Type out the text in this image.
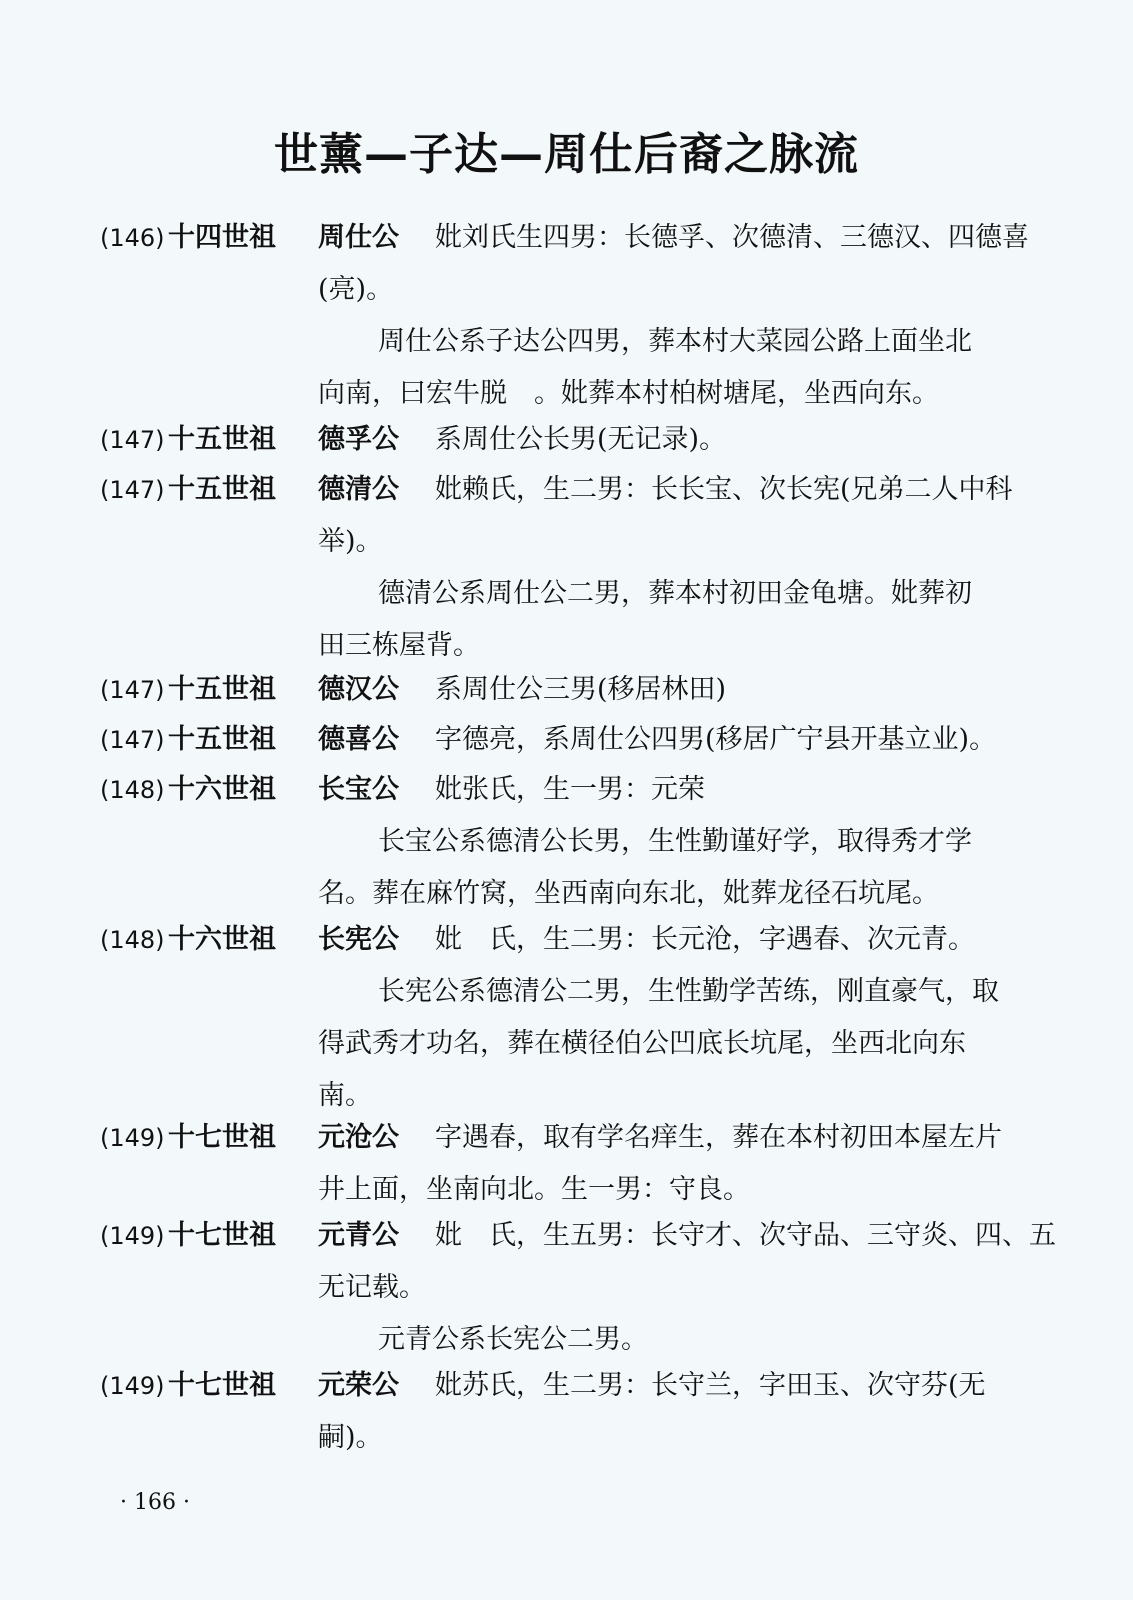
世薰—子达—周仕后裔之脉流
(146) 十四世祖 周仕公 妣刘氏生四男：长德孚、次德清、三德汉、四德喜
(亮)。
周仕公系子达公四男，葬本村大菜园公路上面坐北
向南，曰宏牛脱　。妣葬本村柏树塘尾，坐西向东。
(147) 十五世祖 德孚公 系周仕公长男(无记录)。
(147) 十五世祖 德清公 妣赖氏，生二男：长长宝、次长宪(兄弟二人中科
举)。
德清公系周仕公二男，葬本村初田金龟塘。妣葬初
田三栋屋背。
(147) 十五世祖 德汉公 系周仕公三男(移居林田)
(147) 十五世祖 德喜公 字德亮，系周仕公四男(移居广宁县开基立业)。
(148) 十六世祖 长宝公 妣张氏，生一男：元荣
长宝公系德清公长男，生性勤谨好学，取得秀才学
名。葬在麻竹窝，坐西南向东北，妣葬龙径石坑尾。
(148) 十六世祖 长宪公 妣　氏，生二男：长元沧，字遇春、次元青。
长宪公系德清公二男，生性勤学苦练，刚直豪气，取
得武秀才功名，葬在横径伯公凹底长坑尾，坐西北向东
南。
(149) 十七世祖 元沧公 字遇春，取有学名痒生，葬在本村初田本屋左片
井上面，坐南向北。生一男：守良。
(149) 十七世祖 元青公 妣　氏，生五男：长守才、次守品、三守炎、四、五
无记载。
元青公系长宪公二男。
(149) 十七世祖 元荣公 妣苏氏，生二男：长守兰，字田玉、次守芬(无
嗣)。
· 166 ·
